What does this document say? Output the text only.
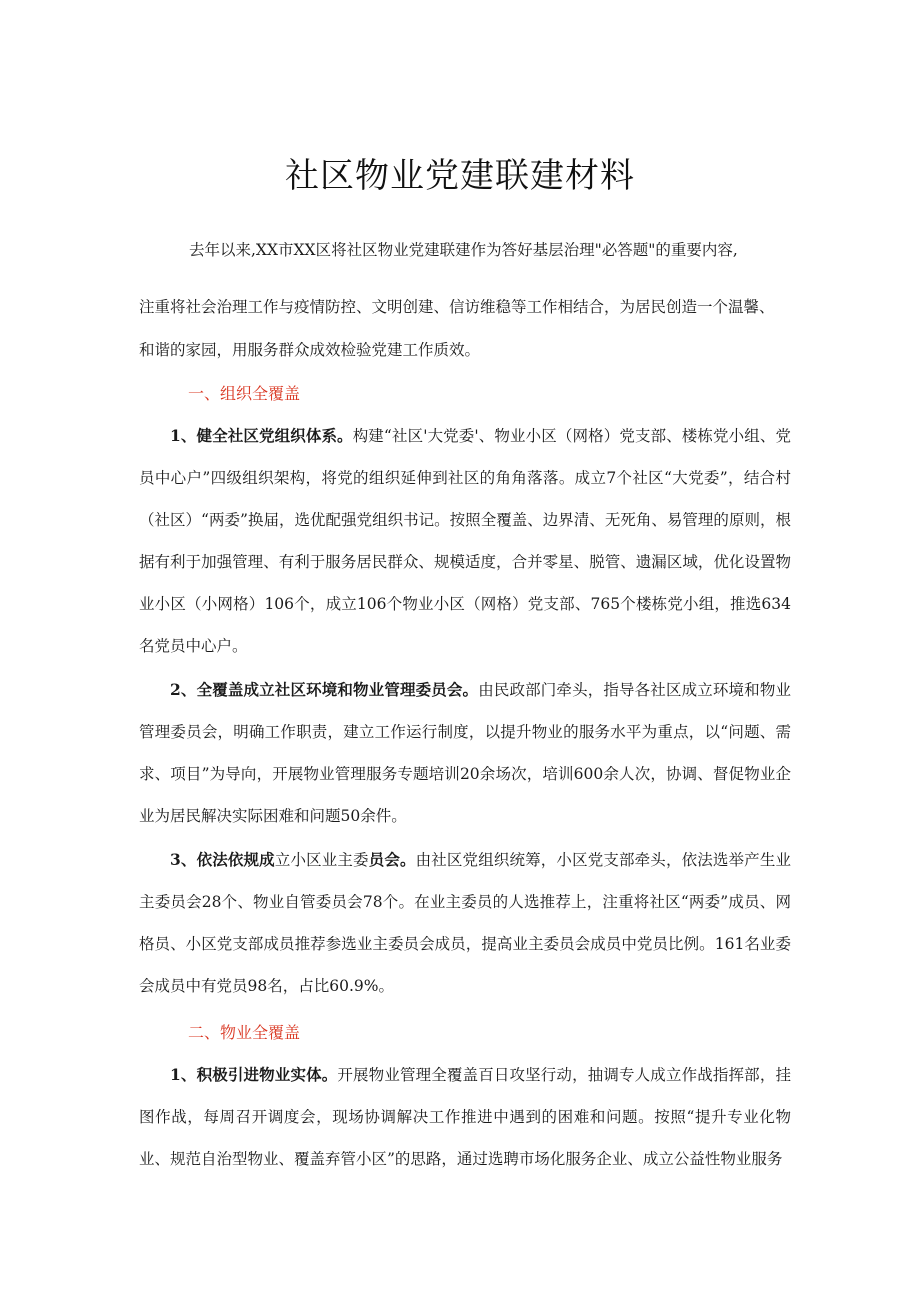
社区物业党建联建材料
去年以来,XX市XX区将社区物业党建联建作为答好基层治理"必答题"的重要内容,
注重将社会治理工作与疫情防控、文明创建、信访维稳等工作相结合，为居民创造一个温馨、
和谐的家园，用服务群众成效检验党建工作质效。
一、组织全覆盖

1、健全社区党组织体系。构建“社区'大党委'、物业小区（网格）党支部、楼栋党小组、党员中心户”四级组织架构，将党的组织延伸到社区的角角落落。成立7个社区“大党委”，结合村（社区）“两委”换届，选优配强党组织书记。按照全覆盖、边界清、无死角、易管理的原则，根据有利于加强管理、有利于服务居民群众、规模适度，合并零星、脱管、遗漏区域，优化设置物业小区（小网格）106个，成立106个物业小区（网格）党支部、765个楼栋党小组，推选634名党员中心户。

2、全覆盖成立社区环境和物业管理委员会。由民政部门牵头，指导各社区成立环境和物业管理委员会，明确工作职责，建立工作运行制度，以提升物业的服务水平为重点，以“问题、需求、项目”为导向，开展物业管理服务专题培训20余场次，培训600余人次，协调、督促物业企业为居民解决实际困难和问题50余件。

3、依法依规成立小区业主委员会。由社区党组织统筹，小区党支部牵头，依法选举产生业主委员会28个、物业自管委员会78个。在业主委员的人选推荐上，注重将社区“两委”成员、网格员、小区党支部成员推荐参选业主委员会成员，提高业主委员会成员中党员比例。161名业委会成员中有党员98名，占比60.9%。

二、物业全覆盖

1、积极引进物业实体。开展物业管理全覆盖百日攻坚行动，抽调专人成立作战指挥部，挂图作战，每周召开调度会，现场协调解决工作推进中遇到的困难和问题。按照“提升专业化物业、规范自治型物业、覆盖弃管小区”的思路，通过选聘市场化服务企业、成立公益性物业服务
